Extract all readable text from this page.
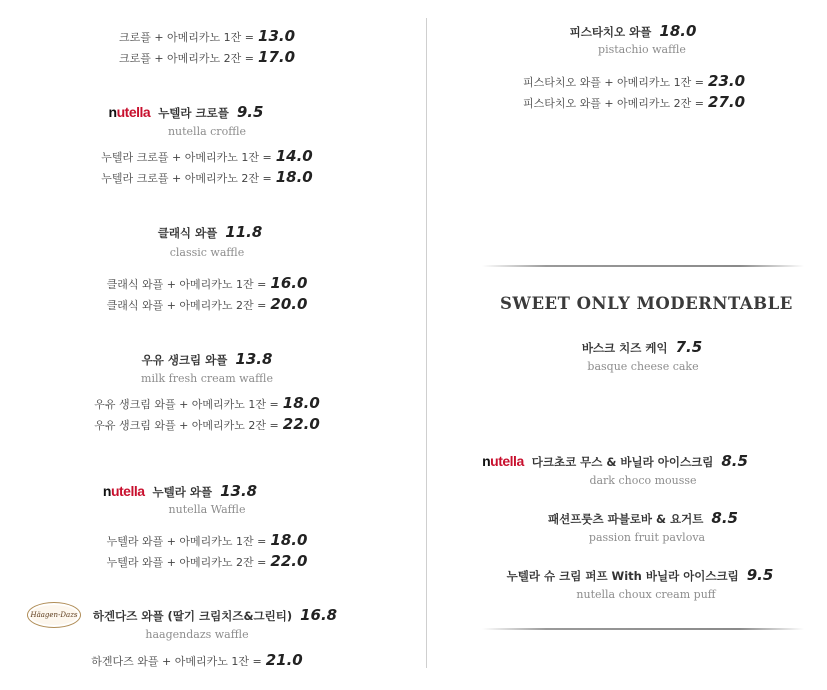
크로플 + 아메리카노 1잔 = 13.0
크로플 + 아메리카노 2잔 = 17.0
nutella 누텔라 크로플 9.5
nutella croffle
누텔라 크로플 + 아메리카노 1잔 = 14.0
누텔라 크로플 + 아메리카노 2잔 = 18.0
클래식 와플 11.8
classic waffle
클래식 와플 + 아메리카노 1잔 = 16.0
클래식 와플 + 아메리카노 2잔 = 20.0
우유 생크림 와플 13.8
milk fresh cream waffle
우유 생크림 와플 + 아메리카노 1잔 = 18.0
우유 생크림 와플 + 아메리카노 2잔 = 22.0
nutella 누텔라 와플 13.8
nutella Waffle
누텔라 와플 + 아메리카노 1잔 = 18.0
누텔라 와플 + 아메리카노 2잔 = 22.0
Häagen-Dazs	하겐다즈 와플 (딸기 크림치즈&그린티) 16.8
haagendazs waffle
하겐다즈 와플 + 아메리카노 1잔 = 21.0
피스타치오 와플 18.0
pistachio waffle
피스타치오 와플 + 아메리카노 1잔 = 23.0
피스타치오 와플 + 아메리카노 2잔 = 27.0
SWEET ONLY MODERNTABLE
바스크 치즈 케익 7.5
basque cheese cake
nutella 다크초코 무스 & 바닐라 아이스크림 8.5
dark choco mousse
패션프룻츠 파블로바 & 요거트 8.5
passion fruit pavlova
누텔라 슈 크림 퍼프 With 바닐라 아이스크림 9.5
nutella choux cream puff
